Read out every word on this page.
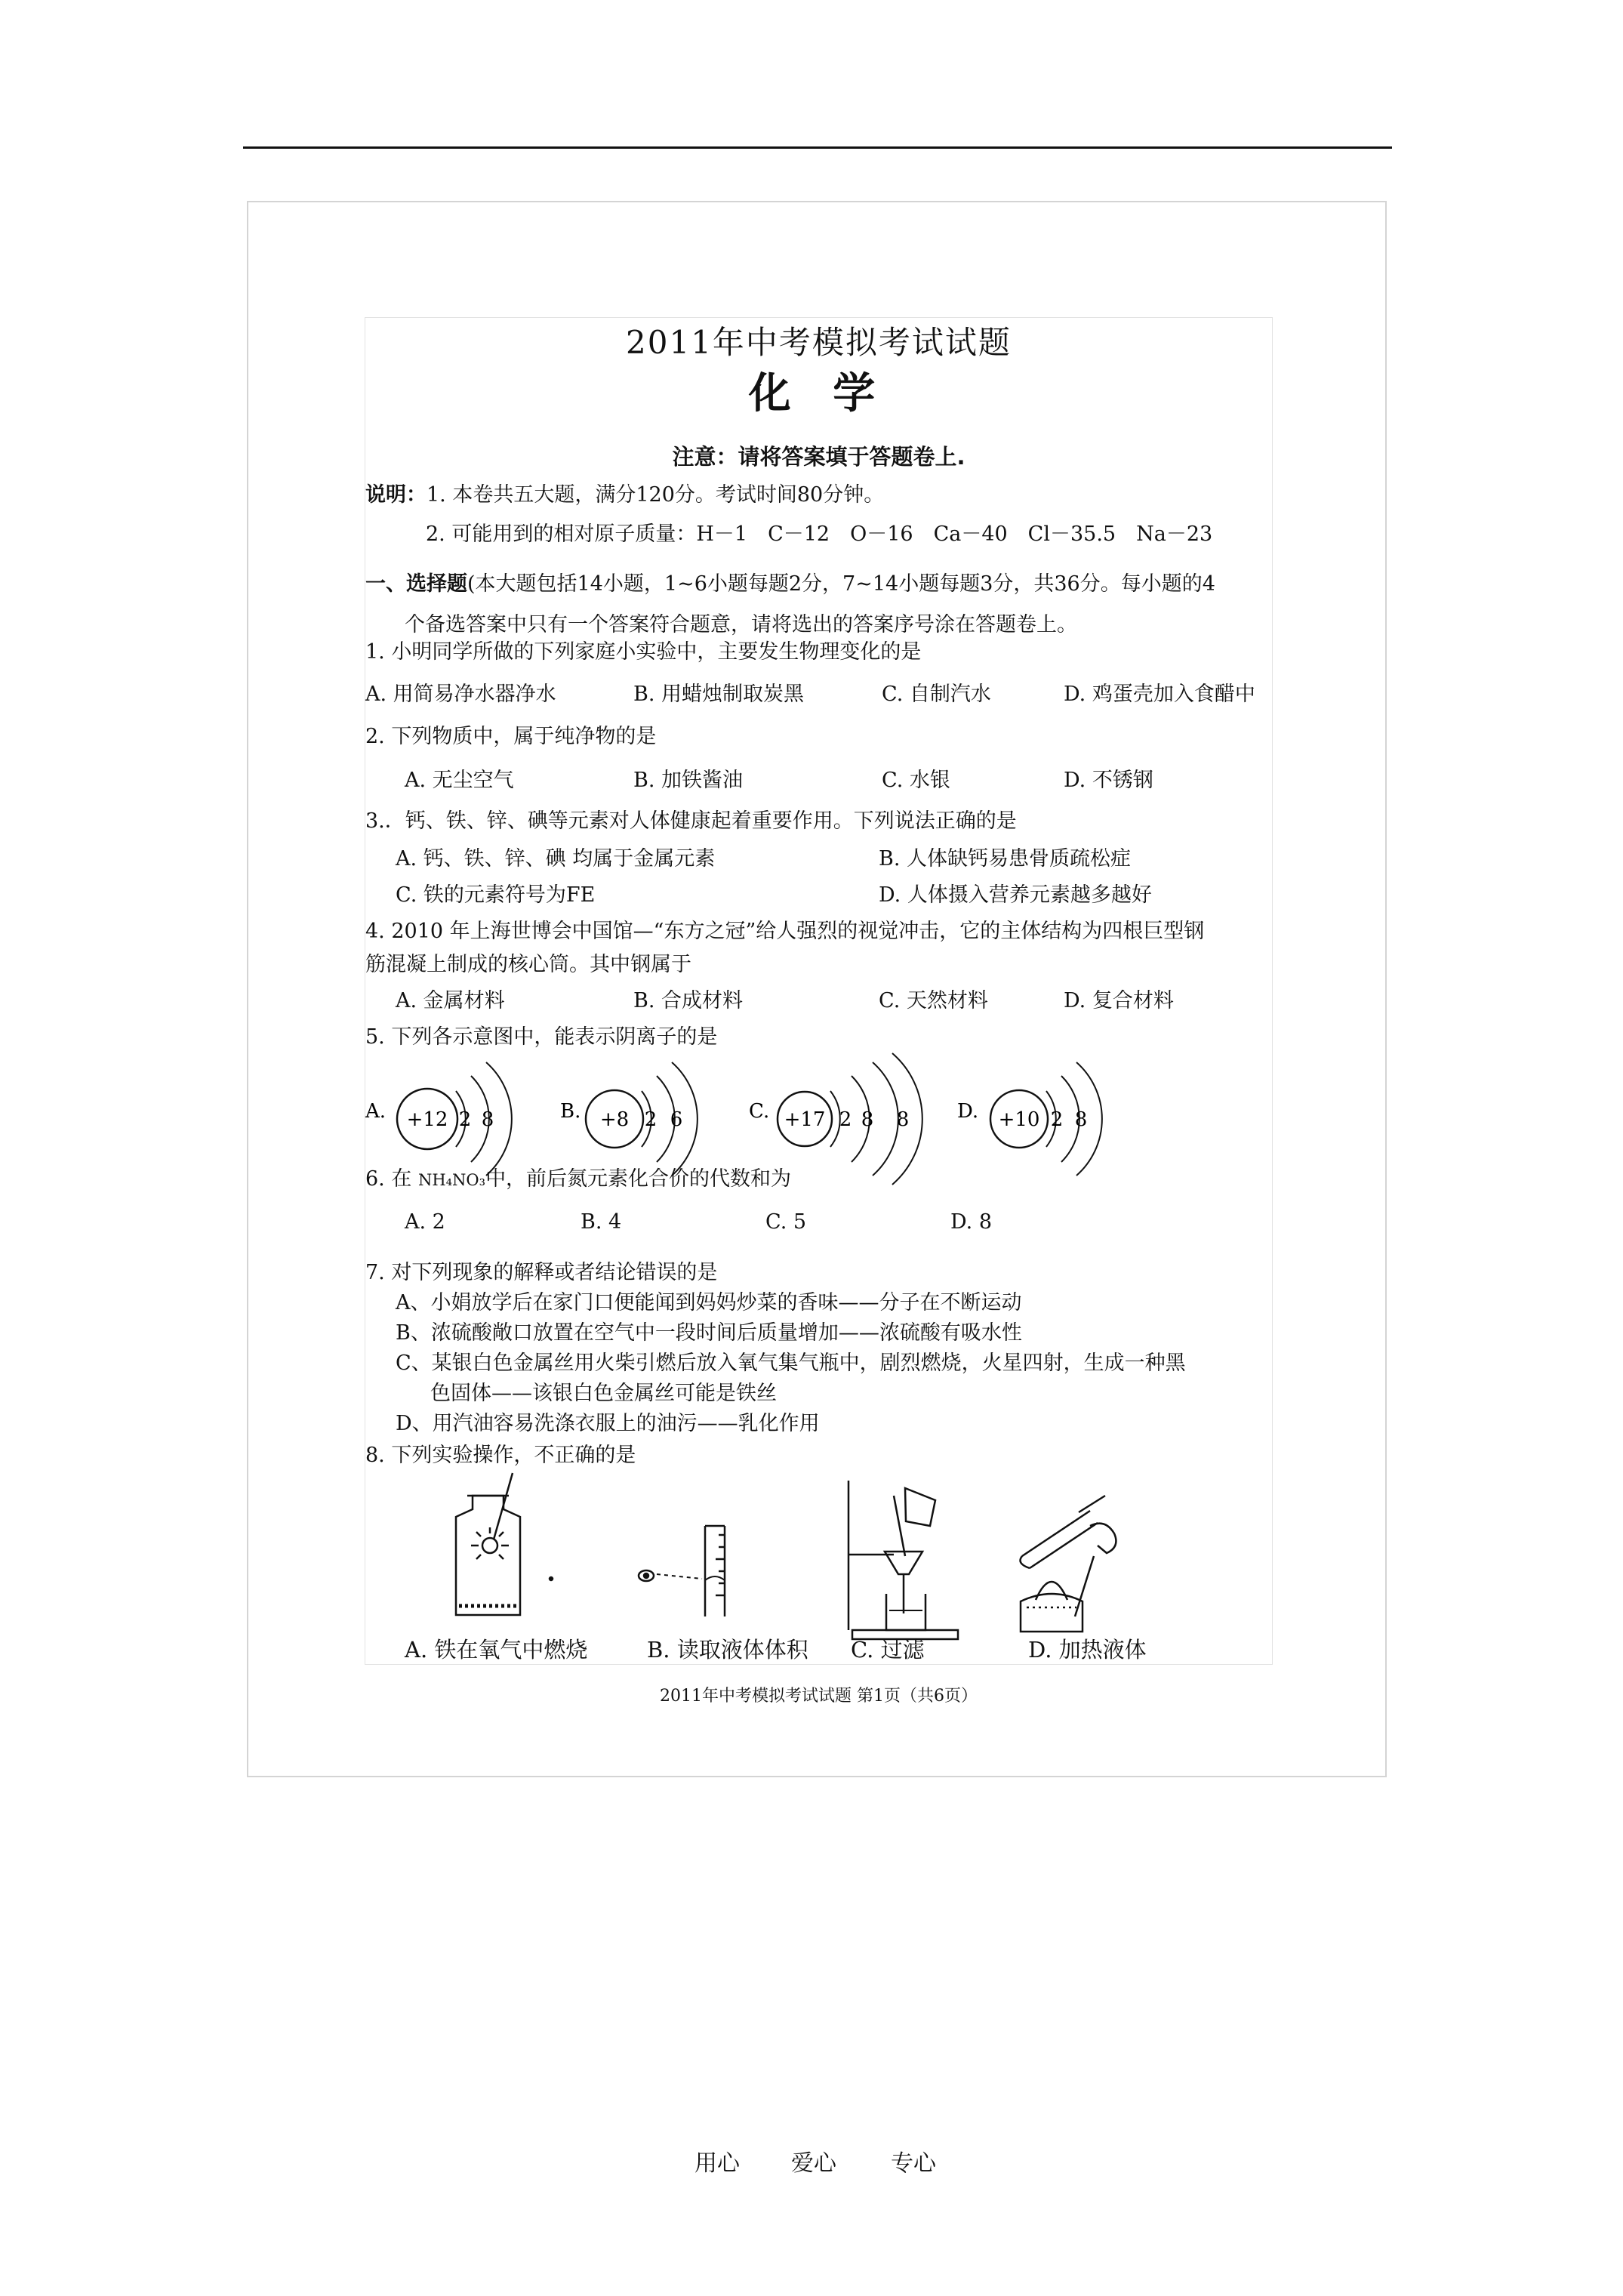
2011年中考模拟考试试题
化 学
注意：请将答案填于答题卷上.
说明：1. 本卷共五大题，满分120分。考试时间80分钟。
2. 可能用到的相对原子质量：H－1　C－12　O－16　Ca－40　Cl－35.5　Na－23
一、选择题(本大题包括14小题，1~6小题每题2分，7~14小题每题3分，共36分。每小题的4
个备选答案中只有一个答案符合题意，请将选出的答案序号涂在答题卷上。
1. 小明同学所做的下列家庭小实验中，主要发生物理变化的是
A. 用简易净水器净水	B. 用蜡烛制取炭黑	C. 自制汽水	D. 鸡蛋壳加入食醋中
2. 下列物质中，属于纯净物的是
A. 无尘空气	B. 加铁酱油	C. 水银	D. 不锈钢
3.．钙、铁、锌、碘等元素对人体健康起着重要作用。下列说法正确的是
A. 钙、铁、锌、碘 均属于金属元素	B. 人体缺钙易患骨质疏松症
C. 铁的元素符号为FE	D. 人体摄入营养元素越多越好
4. 2010 年上海世博会中国馆—“东方之冠”给人强烈的视觉冲击，它的主体结构为四根巨型钢
筋混凝上制成的核心筒。其中钢属于
A. 金属材料	B. 合成材料	C. 天然材料	D. 复合材料
5. 下列各示意图中，能表示阴离子的是
A. +12 2 8	B. +8 2 6	C. +17 2 8 8 D. +10 2 8
6. 在 NH₄NO₃中，前后氮元素化合价的代数和为
A. 2	B. 4	C. 5	D. 8
7. 对下列现象的解释或者结论错误的是
A、小娟放学后在家门口便能闻到妈妈炒菜的香味——分子在不断运动
B、浓硫酸敞口放置在空气中一段时间后质量增加——浓硫酸有吸水性
C、某银白色金属丝用火柴引燃后放入氧气集气瓶中，剧烈燃烧，火星四射，生成一种黑
色固体——该银白色金属丝可能是铁丝
D、用汽油容易洗涤衣服上的油污——乳化作用
8. 下列实验操作，不正确的是
A. 铁在氧气中燃烧	B. 读取液体体积 C. 过滤	D. 加热液体
2011年中考模拟考试试题 第1页（共6页）
用心 爱心 专心
